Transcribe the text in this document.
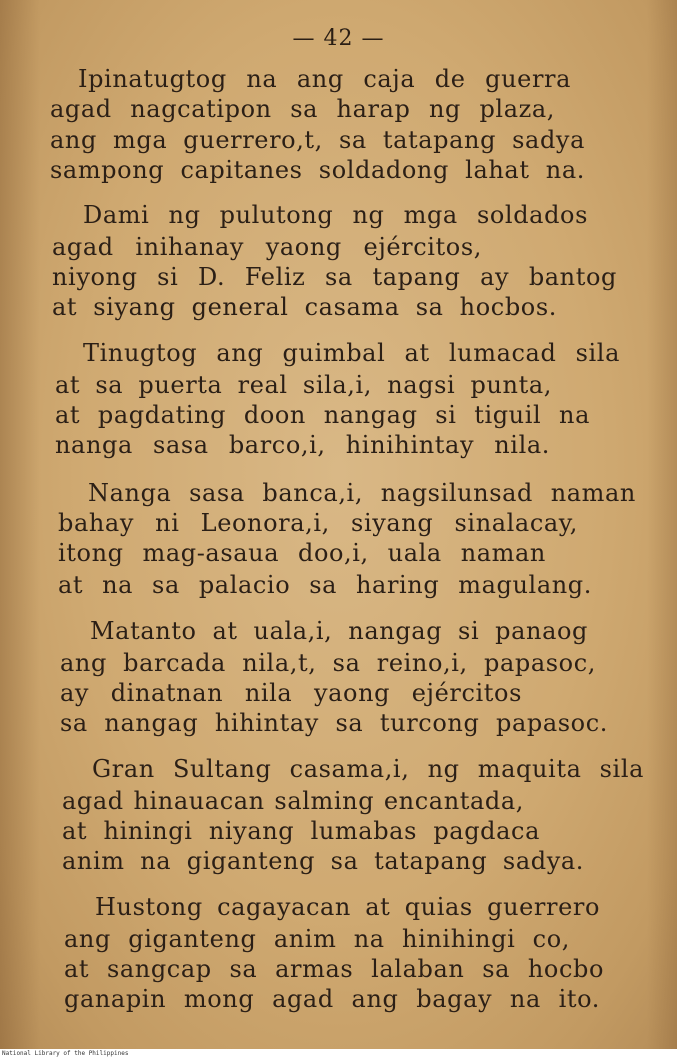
— 42 —
Ipinatugtog na ang caja de guerra
agad nagcatipon sa harap ng plaza,
ang mga guerrero,t, sa tatapang sadya
sampong capitanes soldadong lahat na.
Dami ng pulutong ng mga soldados
agad inihanay yaong ejércitos,
niyong si D. Feliz sa tapang ay bantog
at siyang general casama sa hocbos.
Tinugtog ang guimbal at lumacad sila
at sa puerta real sila,i, nagsi punta,
at pagdating doon nangag si tiguil na
nanga sasa barco,i, hinihintay nila.
Nanga sasa banca,i, nagsilunsad naman
bahay ni Leonora,i, siyang sinalacay,
itong mag-asaua doo,i, uala naman
at na sa palacio sa haring magulang.
Matanto at uala,i, nangag si panaog
ang barcada nila,t, sa reino,i, papasoc,
ay dinatnan nila yaong ejércitos
sa nangag hihintay sa turcong papasoc.
Gran Sultang casama,i, ng maquita sila
agad hinauacan salming encantada,
at hiningi niyang lumabas pagdaca
anim na giganteng sa tatapang sadya.
Hustong cagayacan at quias guerrero
ang giganteng anim na hinihingi co,
at sangcap sa armas lalaban sa hocbo
ganapin mong agad ang bagay na ito.
National Library of the Philippines
